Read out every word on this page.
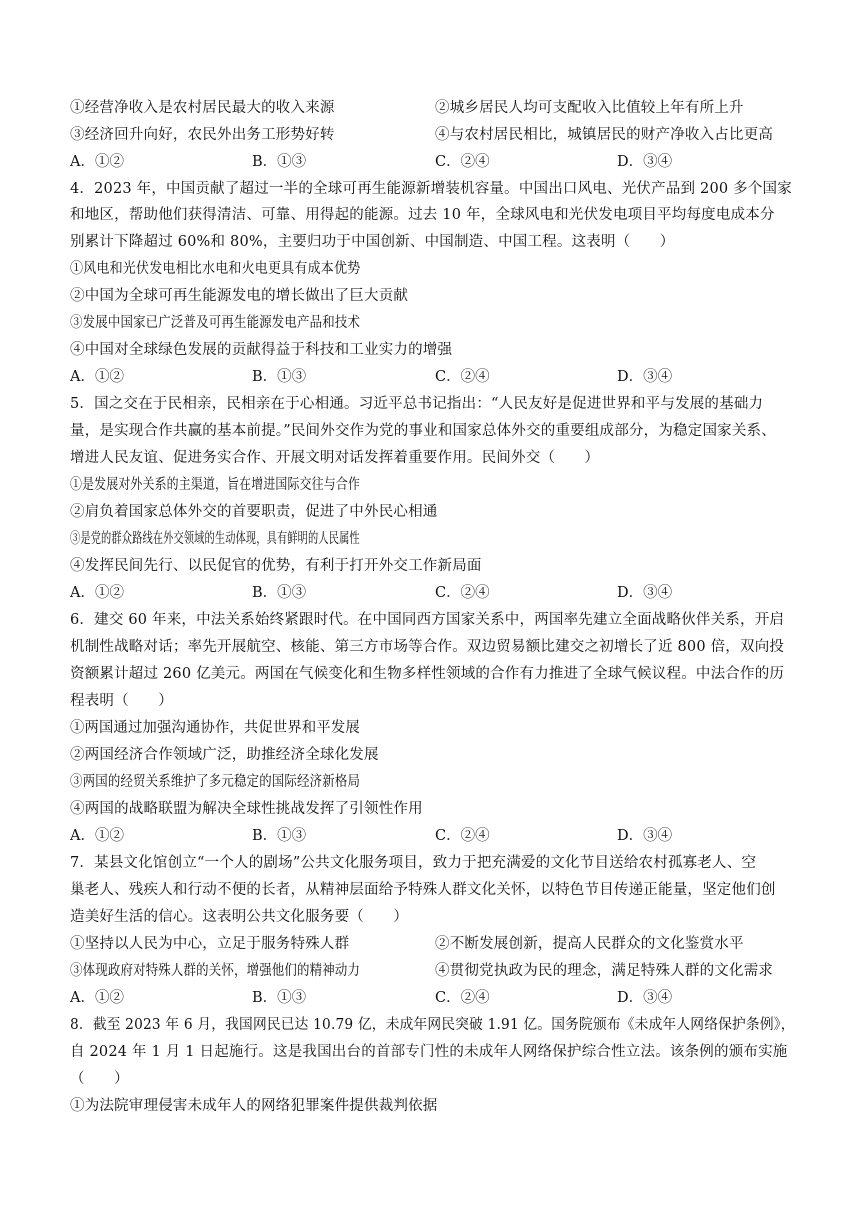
①经营净收入是农村居民最大的收入来源	②城乡居民人均可支配收入比值较上年有所上升
③经济回升向好，农民外出务工形势好转	④与农村居民相比，城镇居民的财产净收入占比更高
A．①②	B．①③	C．②④	D．③④
4．2023 年，中国贡献了超过一半的全球可再生能源新增装机容量。中国出口风电、光伏产品到 200 多个国家
和地区，帮助他们获得清洁、可靠、用得起的能源。过去 10 年，全球风电和光伏发电项目平均每度电成本分
别累计下降超过 60%和 80%，主要归功于中国创新、中国制造、中国工程。这表明（　　）
①风电和光伏发电相比水电和火电更具有成本优势
②中国为全球可再生能源发电的增长做出了巨大贡献
③发展中国家已广泛普及可再生能源发电产品和技术
④中国对全球绿色发展的贡献得益于科技和工业实力的增强
A．①②	B．①③	C．②④	D．③④
5．国之交在于民相亲，民相亲在于心相通。习近平总书记指出：“人民友好是促进世界和平与发展的基础力
量，是实现合作共赢的基本前提。”民间外交作为党的事业和国家总体外交的重要组成部分，为稳定国家关系、
增进人民友谊、促进务实合作、开展文明对话发挥着重要作用。民间外交（　　）
①是发展对外关系的主渠道，旨在增进国际交往与合作
②肩负着国家总体外交的首要职责，促进了中外民心相通
③是党的群众路线在外交领域的生动体现，具有鲜明的人民属性
④发挥民间先行、以民促官的优势，有利于打开外交工作新局面
A．①②	B．①③	C．②④	D．③④
6．建交 60 年来，中法关系始终紧跟时代。在中国同西方国家关系中，两国率先建立全面战略伙伴关系，开启
机制性战略对话；率先开展航空、核能、第三方市场等合作。双边贸易额比建交之初增长了近 800 倍，双向投
资额累计超过 260 亿美元。两国在气候变化和生物多样性领域的合作有力推进了全球气候议程。中法合作的历
程表明（　　）
①两国通过加强沟通协作，共促世界和平发展
②两国经济合作领域广泛，助推经济全球化发展
③两国的经贸关系维护了多元稳定的国际经济新格局
④两国的战略联盟为解决全球性挑战发挥了引领性作用
A．①②	B．①③	C．②④	D．③④
7．某县文化馆创立“一个人的剧场”公共文化服务项目，致力于把充满爱的文化节目送给农村孤寡老人、空
巢老人、残疾人和行动不便的长者，从精神层面给予特殊人群文化关怀，以特色节目传递正能量，坚定他们创
造美好生活的信心。这表明公共文化服务要（　　）
①坚持以人民为中心，立足于服务特殊人群	②不断发展创新，提高人民群众的文化鉴赏水平
③体现政府对特殊人群的关怀，增强他们的精神动力	④贯彻党执政为民的理念，满足特殊人群的文化需求
A．①②	B．①③	C．②④	D．③④
8．截至 2023 年 6 月，我国网民已达 10.79 亿，未成年网民突破 1.91 亿。国务院颁布《未成年人网络保护条例》，
自 2024 年 1 月 1 日起施行。这是我国出台的首部专门性的未成年人网络保护综合性立法。该条例的颁布实施
（　　）
①为法院审理侵害未成年人的网络犯罪案件提供裁判依据
